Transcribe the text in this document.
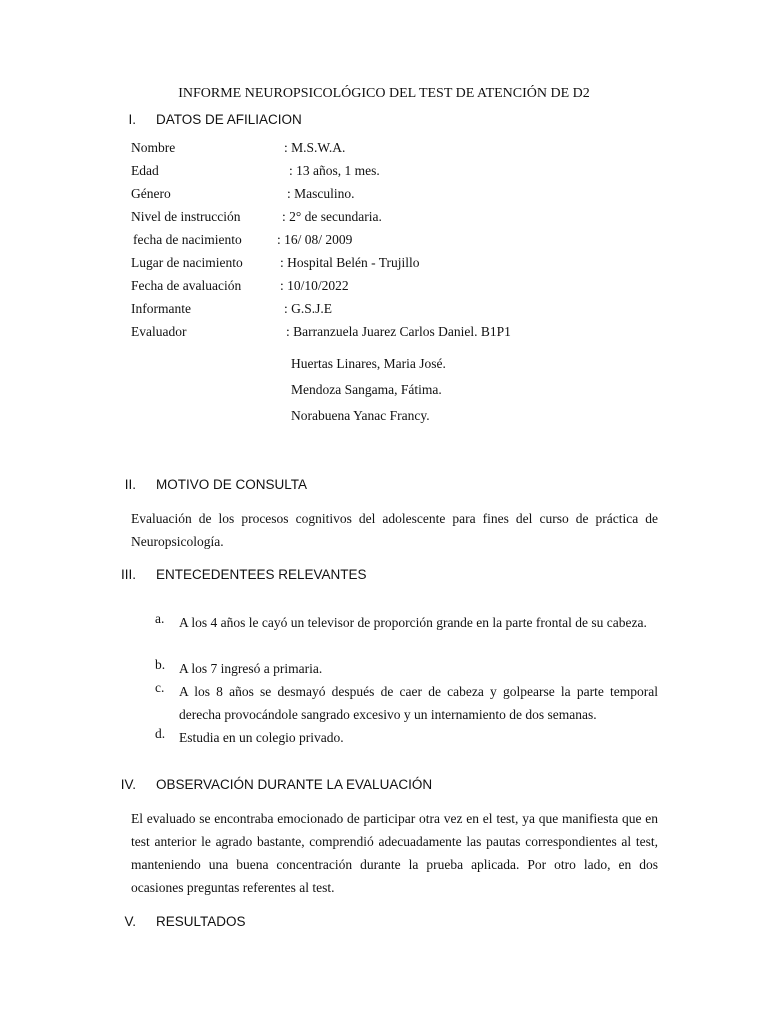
INFORME NEUROPSICOLÓGICO DEL TEST DE ATENCIÓN DE D2
I. DATOS DE AFILIACION
Nombre	: M.S.W.A.
Edad	: 13 años, 1 mes.
Género	: Masculino.
Nivel de instrucción	: 2° de secundaria.
fecha de nacimiento	: 16/ 08/ 2009
Lugar de nacimiento	: Hospital Belén - Trujillo
Fecha de avaluación	: 10/10/2022
Informante	: G.S.J.E
Evaluador	: Barranzuela Juarez Carlos Daniel. B1P1
Huertas Linares, Maria José.
Mendoza Sangama, Fátima.
Norabuena Yanac Francy.
II. MOTIVO DE CONSULTA

Evaluación de los procesos cognitivos del adolescente para fines del curso de práctica de Neuropsicología.

III. ENTECEDENTEES RELEVANTES
a. A los 4 años le cayó un televisor de proporción grande en la parte frontal de su cabeza.

b. A los 7 ingresó a primaria.

c. A los 8 años se desmayó después de caer de cabeza y golpearse la parte temporal derecha provocándole sangrado excesivo y un internamiento de dos semanas.

d. Estudia en un colegio privado.

IV. OBSERVACIÓN DURANTE LA EVALUACIÓN

El evaluado se encontraba emocionado de participar otra vez en el test, ya que manifiesta que en test anterior le agrado bastante, comprendió adecuadamente las pautas correspondientes al test, manteniendo una buena concentración durante la prueba aplicada. Por otro lado, en dos ocasiones preguntas referentes al test.

V. RESULTADOS
